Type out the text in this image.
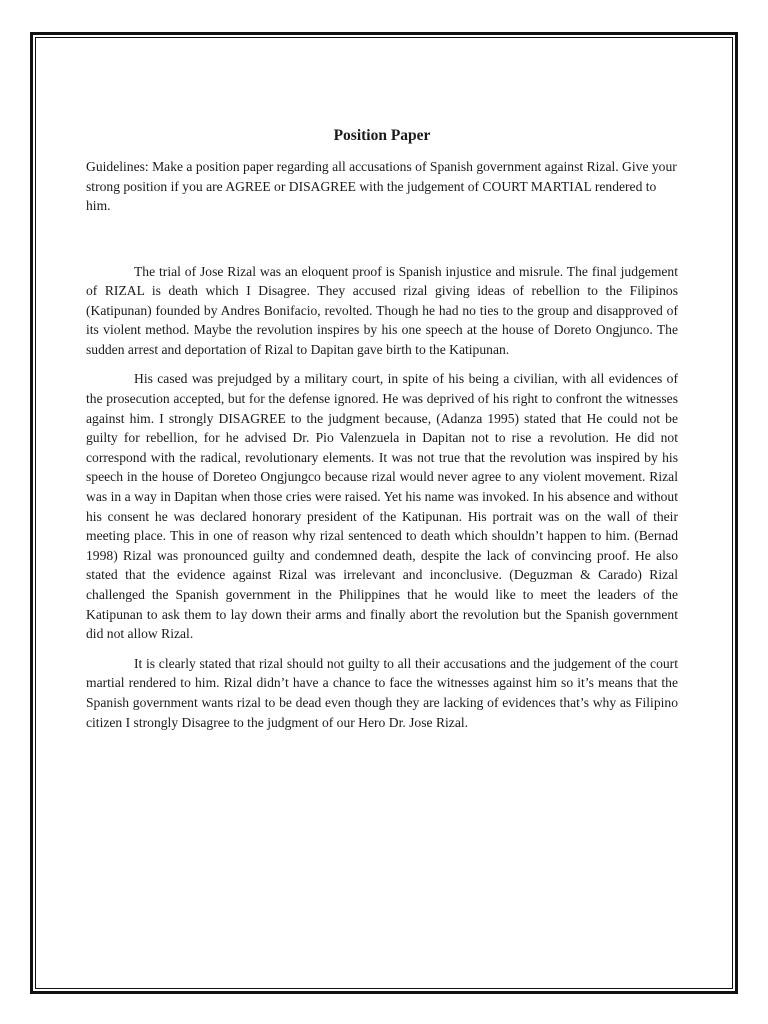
Position Paper

Guidelines: Make a position paper regarding all accusations of Spanish government against Rizal. Give your strong position if you are AGREE or DISAGREE with the judgement of COURT MARTIAL rendered to him.

The trial of Jose Rizal was an eloquent proof is Spanish injustice and misrule. The final judgement of RIZAL is death which I Disagree. They accused rizal giving ideas of rebellion to the Filipinos (Katipunan) founded by Andres Bonifacio, revolted. Though he had no ties to the group and disapproved of its violent method. Maybe the revolution inspires by his one speech at the house of Doreto Ongjunco. The sudden arrest and deportation of Rizal to Dapitan gave birth to the Katipunan.

His cased was prejudged by a military court, in spite of his being a civilian, with all evidences of the prosecution accepted, but for the defense ignored. He was deprived of his right to confront the witnesses against him. I strongly DISAGREE to the judgment because, (Adanza 1995) stated that He could not be guilty for rebellion, for he advised Dr. Pio Valenzuela in Dapitan not to rise a revolution. He did not correspond with the radical, revolutionary elements. It was not true that the revolution was inspired by his speech in the house of Doreteo Ongjungco because rizal would never agree to any violent movement. Rizal was in a way in Dapitan when those cries were raised. Yet his name was invoked. In his absence and without his consent he was declared honorary president of the Katipunan. His portrait was on the wall of their meeting place. This in one of reason why rizal sentenced to death which shouldn’t happen to him. (Bernad 1998) Rizal was pronounced guilty and condemned death, despite the lack of convincing proof. He also stated that the evidence against Rizal was irrelevant and inconclusive. (Deguzman & Carado) Rizal challenged the Spanish government in the Philippines that he would like to meet the leaders of the Katipunan to ask them to lay down their arms and finally abort the revolution but the Spanish government did not allow Rizal.

It is clearly stated that rizal should not guilty to all their accusations and the judgement of the court martial rendered to him. Rizal didn’t have a chance to face the witnesses against him so it’s means that the Spanish government wants rizal to be dead even though they are lacking of evidences that’s why as Filipino citizen I strongly Disagree to the judgment of our Hero Dr. Jose Rizal.
